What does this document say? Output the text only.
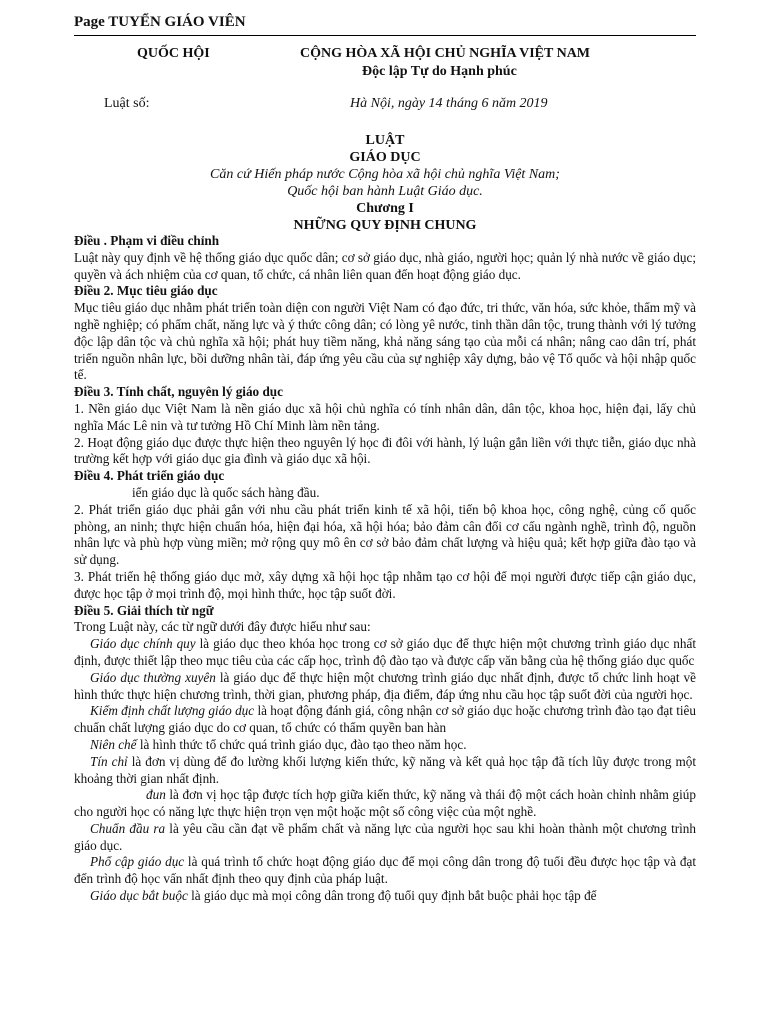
Page TUYỂN GIÁO VIÊN
QUỐC HỘI	CỘNG HÒA XÃ HỘI CHỦ NGHĨA VIỆT NAM
Độc lập Tự do Hạnh phúc
Luật số:	Hà Nội, ngày 14 tháng 6 năm 2019
LUẬT
GIÁO DỤC
Căn cứ Hiến pháp nước Cộng hòa xã hội chủ nghĩa Việt Nam;
Quốc hội ban hành Luật Giáo dục.
Chương I
NHỮNG QUY ĐỊNH CHUNG

Điều . Phạm vi điều chỉnh

Luật này quy định về hệ thống giáo dục quốc dân; cơ sở giáo dục, nhà giáo, người học; quản lý nhà nước về giáo dục; quyền và ách nhiệm của cơ quan, tổ chức, cá nhân liên quan đến hoạt động giáo dục.

Điều 2. Mục tiêu giáo dục

Mục tiêu giáo dục nhằm phát triển toàn diện con người Việt Nam có đạo đức, tri thức, văn hóa, sức khỏe, thẩm mỹ và nghề nghiệp; có phẩm chất, năng lực và ý thức công dân; có lòng yê nước, tinh thần dân tộc, trung thành với lý tưởng độc lập dân tộc và chủ nghĩa xã hội; phát huy tiềm năng, khả năng sáng tạo của mỗi cá nhân; nâng cao dân trí, phát triển nguồn nhân lực, bồi dưỡng nhân tài, đáp ứng yêu cầu của sự nghiệp xây dựng, bảo vệ Tổ quốc và hội nhập quốc tế.

Điều 3. Tính chất, nguyên lý giáo dục

1. Nền giáo dục Việt Nam là nền giáo dục xã hội chủ nghĩa có tính nhân dân, dân tộc, khoa học, hiện đại, lấy chủ nghĩa Mác Lê nin và tư tưởng Hồ Chí Minh làm nền tảng.

2. Hoạt động giáo dục được thực hiện theo nguyên lý học đi đôi với hành, lý luận gắn liền với thực tiễn, giáo dục nhà trường kết hợp với giáo dục gia đình và giáo dục xã hội.

Điều 4. Phát triển giáo dục

iển giáo dục là quốc sách hàng đầu.

2. Phát triển giáo dục phải gắn với nhu cầu phát triển kinh tế xã hội, tiến bộ khoa học, công nghệ, củng cố quốc phòng, an ninh; thực hiện chuẩn hóa, hiện đại hóa, xã hội hóa; bảo đảm cân đối cơ cấu ngành nghề, trình độ, nguồn nhân lực và phù hợp vùng miền; mở rộng quy mô ên cơ sở bảo đảm chất lượng và hiệu quả; kết hợp giữa đào tạo và sử dụng.

3. Phát triển hệ thống giáo dục mở, xây dựng xã hội học tập nhằm tạo cơ hội để mọi người được tiếp cận giáo dục, được học tập ở mọi trình độ, mọi hình thức, học tập suốt đời.

Điều 5. Giải thích từ ngữ

Trong Luật này, các từ ngữ dưới đây được hiểu như sau:

Giáo dục chính quy là giáo dục theo khóa học trong cơ sở giáo dục để thực hiện một chương trình giáo dục nhất định, được thiết lập theo mục tiêu của các cấp học, trình độ đào tạo và được cấp văn bằng của hệ thống giáo dục quốc

Giáo dục thường xuyên là giáo dục để thực hiện một chương trình giáo dục nhất định, được tổ chức linh hoạt về hình thức thực hiện chương trình, thời gian, phương pháp, địa điểm, đáp ứng nhu cầu học tập suốt đời của người học.

Kiểm định chất lượng giáo dục là hoạt động đánh giá, công nhận cơ sở giáo dục hoặc chương trình đào tạo đạt tiêu chuẩn chất lượng giáo dục do cơ quan, tổ chức có thẩm quyền ban hàn

Niên chế là hình thức tổ chức quá trình giáo dục, đào tạo theo năm học.

Tín chỉ là đơn vị dùng để đo lường khối lượng kiến thức, kỹ năng và kết quả học tập đã tích lũy được trong một khoảng thời gian nhất định.

đun là đơn vị học tập được tích hợp giữa kiến thức, kỹ năng và thái độ một cách hoàn chỉnh nhằm giúp cho người học có năng lực thực hiện trọn vẹn một hoặc một số công việc của một nghề.

Chuẩn đầu ra là yêu cầu cần đạt về phẩm chất và năng lực của người học sau khi hoàn thành một chương trình giáo dục.

Phổ cập giáo dục là quá trình tổ chức hoạt động giáo dục để mọi công dân trong độ tuổi đều được học tập và đạt đến trình độ học vấn nhất định theo quy định của pháp luật.

Giáo dục bắt buộc là giáo dục mà mọi công dân trong độ tuổi quy định bắt buộc phải học tập để
